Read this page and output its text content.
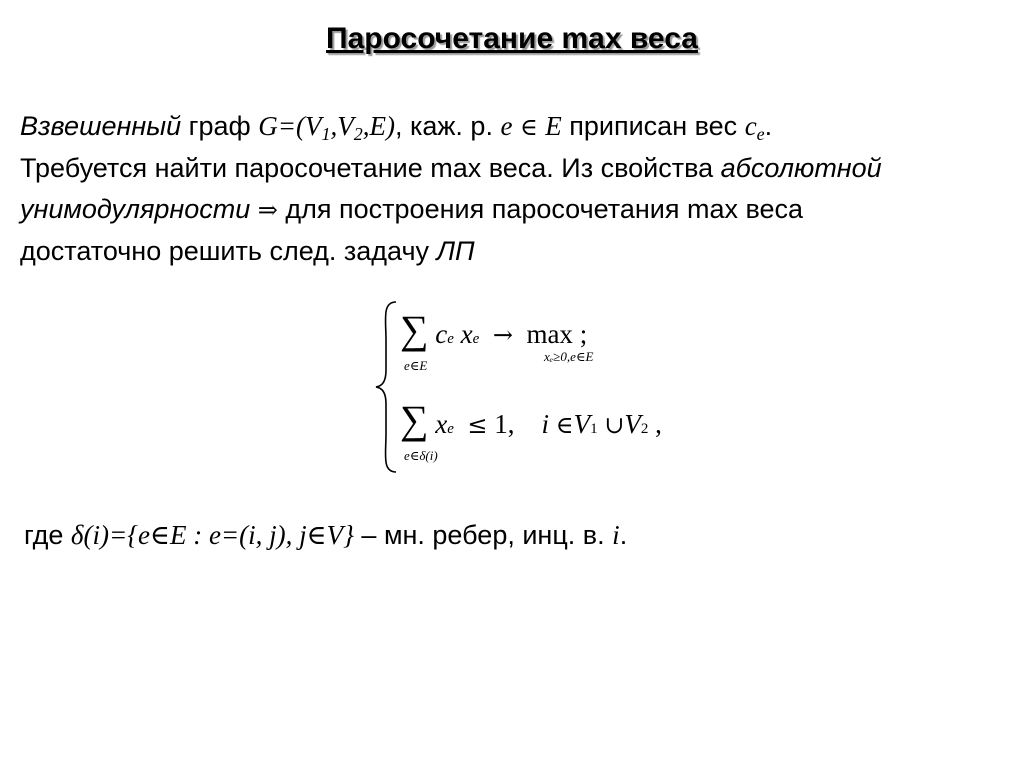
Паросочетание max веса
Взвешенный граф $G=(V_1,V_2,E)$, каж. р. e ∈ E приписан вес $c_e$.
Требуется найти паросочетание max веса. Из свойства абсолютной
унимодулярности ⇒ для построения паросочетания max веса
достаточно решить след. задачу ЛП
∑ ce xe → max ;
e∈E
xₑ≥0,e∈E
∑ xe ≤ 1, i ∈V1 ∪V2 ,
e∈δ(i)
где δ(i)={e∈E : e=(i, j), j∈V} – мн. ребер, инц. в. i.
